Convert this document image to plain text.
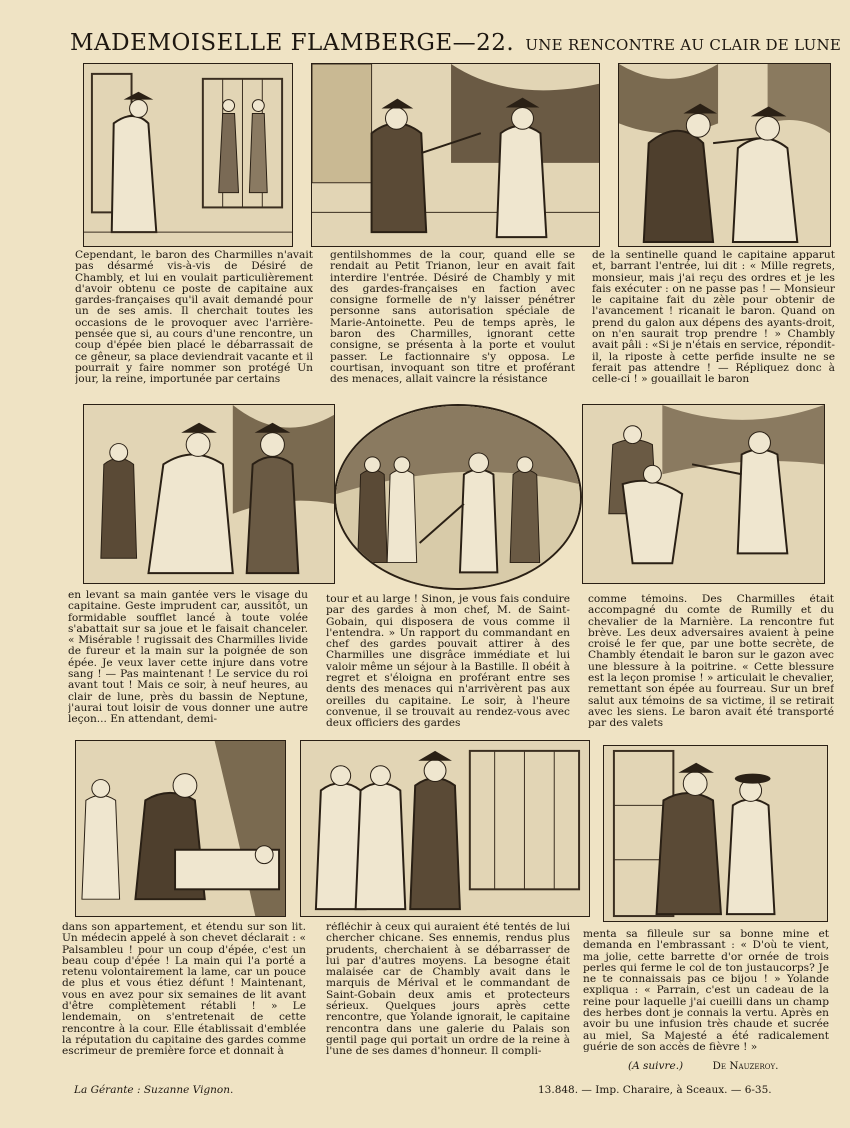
MADEMOISELLE FLAMBERGE—22. UNE RENCONTRE AU CLAIR DE LUNE
Cependant, le baron des Charmilles n'avait pas désarmé vis-à-vis de Désiré de Chambly, et lui en voulait particulièrement d'avoir obtenu ce poste de capitaine aux gardes-françaises qu'il avait demandé pour un de ses amis. Il cherchait toutes les occasions de le provoquer avec l'arrière-pensée que si, au cours d'une rencontre, un coup d'épée bien placé le débarrassait de ce gêneur, sa place deviendrait vacante et il pourrait y faire nommer son protégé Un jour, la reine, importunée par certains
gentilshommes de la cour, quand elle se rendait au Petit Trianon, leur en avait fait interdire l'entrée. Désiré de Chambly y mit des gardes-françaises en faction avec consigne formelle de n'y laisser pénétrer personne sans autorisation spéciale de Marie-Antoinette. Peu de temps après, le baron des Charmilles, ignorant cette consigne, se présenta à la porte et voulut passer. Le factionnaire s'y opposa. Le courtisan, invoquant son titre et proférant des menaces, allait vaincre la résistance
de la sentinelle quand le capitaine apparut et, barrant l'entrée, lui dit : « Mille regrets, monsieur, mais j'ai reçu des ordres et je les fais exécuter : on ne passe pas ! — Monsieur le capitaine fait du zèle pour obtenir de l'avancement ! ricanait le baron. Quand on prend du galon aux dépens des ayants-droit, on n'en saurait trop prendre ! » Chambly avait pâli : «Si je n'étais en service, répondit-il, la riposte à cette perfide insulte ne se ferait pas attendre ! — Répliquez donc à celle-ci ! » gouaillait le baron
en levant sa main gantée vers le visage du capitaine. Geste imprudent car, aussitôt, un formidable soufflet lancé à toute volée s'abattait sur sa joue et le faisait chanceler. « Misérable ! rugissait des Charmilles livide de fureur et la main sur la poignée de son épée. Je veux laver cette injure dans votre sang ! — Pas maintenant ! Le service du roi avant tout ! Mais ce soir, à neuf heures, au clair de lune, près du bassin de Neptune, j'aurai tout loisir de vous donner une autre leçon... En attendant, demi-
tour et au large ! Sinon, je vous fais conduire par des gardes à mon chef, M. de Saint-Gobain, qui disposera de vous comme il l'entendra. » Un rapport du commandant en chef des gardes pouvait attirer à des Charmilles une disgrâce immédiate et lui valoir même un séjour à la Bastille. Il obéit à regret et s'éloigna en proférant entre ses dents des menaces qui n'arrivèrent pas aux oreilles du capitaine. Le soir, à l'heure convenue, il se trouvait au rendez-vous avec deux officiers des gardes
comme témoins. Des Charmilles était accompagné du comte de Rumilly et du chevalier de la Marnière. La rencontre fut brève. Les deux adversaires avaient à peine croisé le fer que, par une botte secrète, de Chambly étendait le baron sur le gazon avec une blessure à la poitrine. « Cette blessure est la leçon promise ! » articulait le chevalier, remettant son épée au fourreau. Sur un bref salut aux témoins de sa victime, il se retirait avec les siens. Le baron avait été transporté par des valets
dans son appartement, et étendu sur son lit. Un médecin appelé à son chevet déclarait : « Palsambleu ! pour un coup d'épée, c'est un beau coup d'épée ! La main qui l'a porté a retenu volontairement la lame, car un pouce de plus et vous étiez défunt ! Maintenant, vous en avez pour six semaines de lit avant d'être complètement rétabli ! » Le lendemain, on s'entretenait de cette rencontre à la cour. Elle établissait d'emblée la réputation du capitaine des gardes comme escrimeur de première force et donnait à
réfléchir à ceux qui auraient été tentés de lui chercher chicane. Ses ennemis, rendus plus prudents, cherchaient à se débarrasser de lui par d'autres moyens. La besogne était malaisée car de Chambly avait dans le marquis de Mérival et le commandant de Saint-Gobain deux amis et protecteurs sérieux. Quelques jours après cette rencontre, que Yolande ignorait, le capitaine rencontra dans une galerie du Palais son gentil page qui portait un ordre de la reine à l'une de ses dames d'honneur. Il compli-
menta sa filleule sur sa bonne mine et demanda en l'embrassant : « D'où te vient, ma jolie, cette barrette d'or ornée de trois perles qui ferme le col de ton justaucorps? Je ne te connaissais pas ce bijou ! » Yolande expliqua : « Parrain, c'est un cadeau de la reine pour laquelle j'ai cueilli dans un champ des herbes dont je connais la vertu. Après en avoir bu une infusion très chaude et sucrée au miel, Sa Majesté a été radicalement guérie de son accès de fièvre ! »
(A suivre.)	De Nauzeroy.
La Gérante : Suzanne Vignon.	13.848. — Imp. Charaire, à Sceaux. — 6-35.
